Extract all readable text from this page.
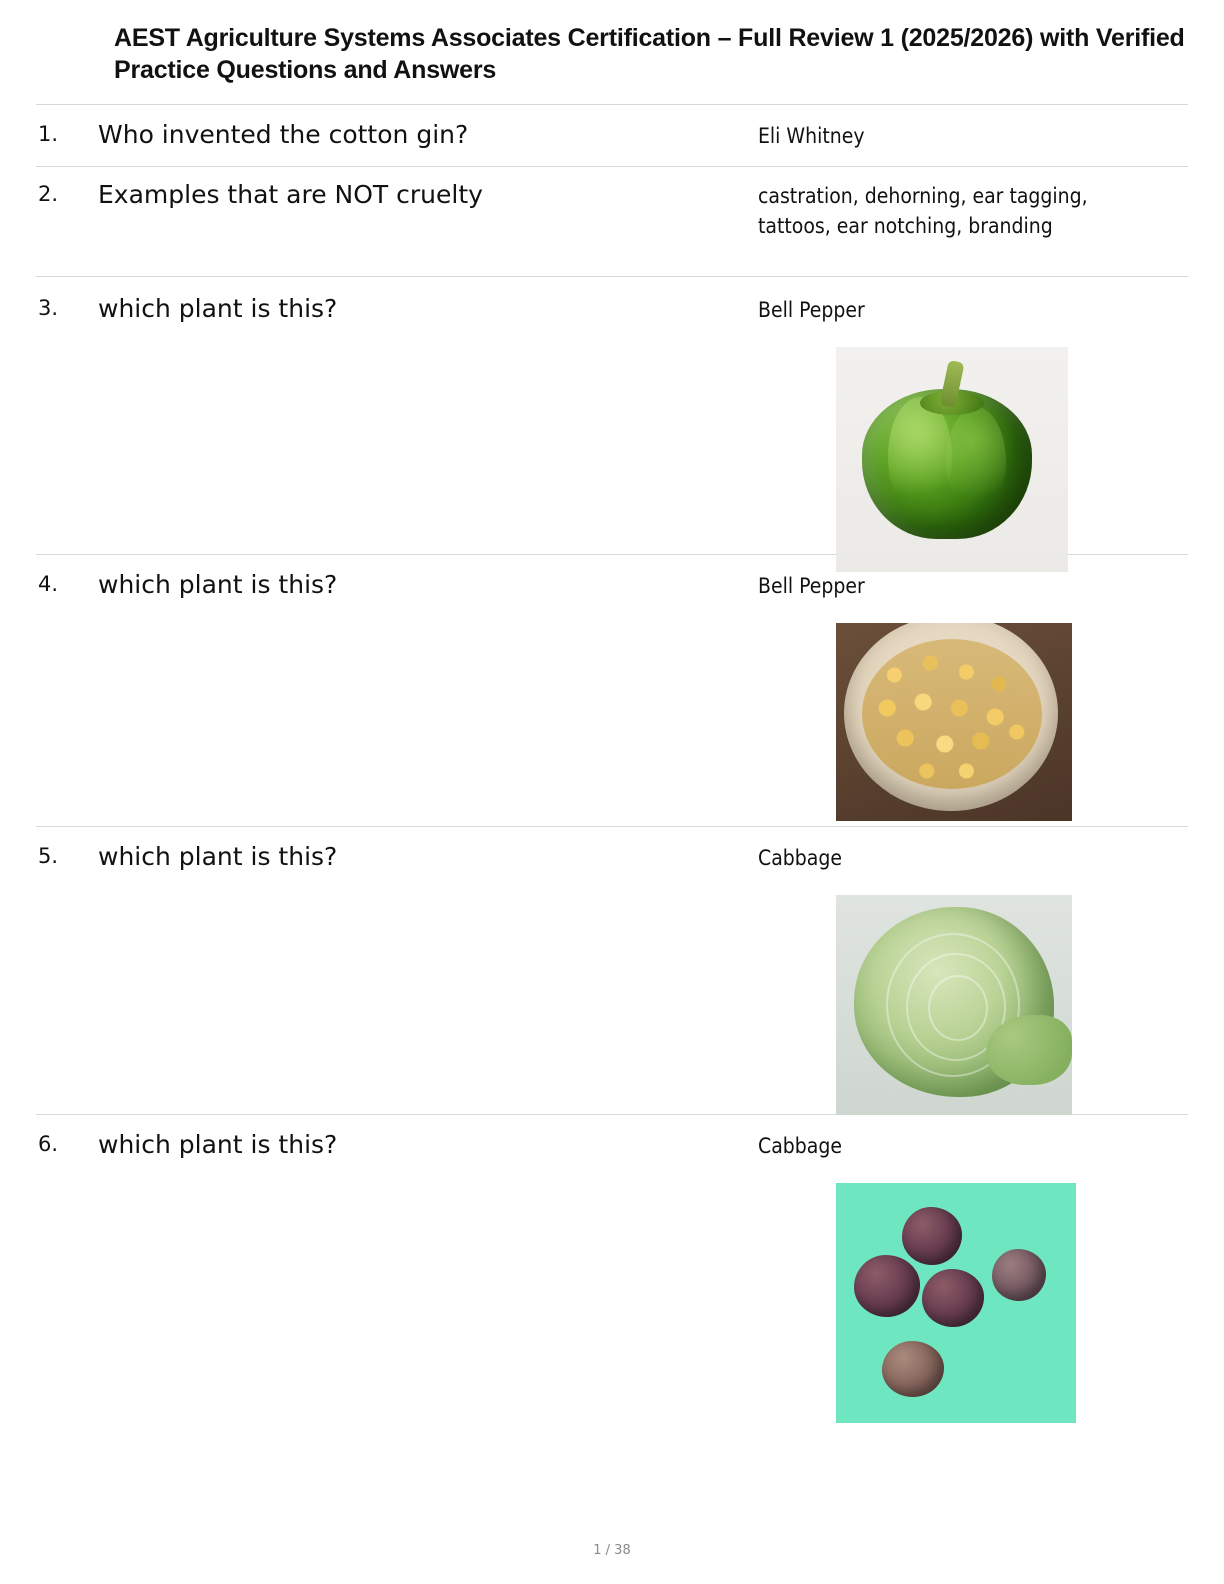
AEST Agriculture Systems Associates Certification – Full Review 1 (2025/2026) with Verified Practice Questions and Answers
1.	Who invented the cotton gin?	Eli Whitney
2.	Examples that are NOT cruelty	castration, dehorning, ear tagging, tattoos, ear notching, branding
3.	which plant is this?	Bell Pepper
4.	which plant is this?	Bell Pepper
5.	which plant is this?	Cabbage
6.	which plant is this?	Cabbage
1 / 38
